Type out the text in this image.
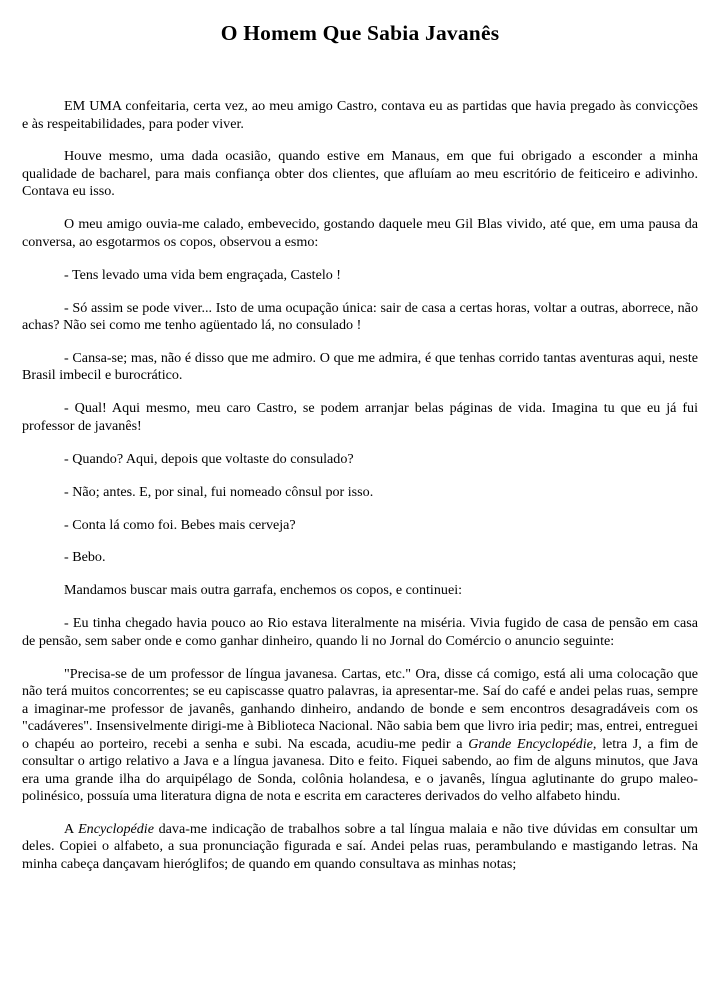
O Homem Que Sabia Javanês

EM UMA confeitaria, certa vez, ao meu amigo Castro, contava eu as partidas que havia pregado às convicções e às respeitabilidades, para poder viver.

Houve mesmo, uma dada ocasião, quando estive em Manaus, em que fui obrigado a esconder a minha qualidade de bacharel, para mais confiança obter dos clientes, que afluíam ao meu escritório de feiticeiro e adivinho. Contava eu isso.

O meu amigo ouvia-me calado, embevecido, gostando daquele meu Gil Blas vivido, até que, em uma pausa da conversa, ao esgotarmos os copos, observou a esmo:

- Tens levado uma vida bem engraçada, Castelo !

- Só assim se pode viver... Isto de uma ocupação única: sair de casa a certas horas, voltar a outras, aborrece, não achas? Não sei como me tenho agüentado lá, no consulado !

- Cansa-se; mas, não é disso que me admiro. O que me admira, é que tenhas corrido tantas aventuras aqui, neste Brasil imbecil e burocrático.

- Qual! Aqui mesmo, meu caro Castro, se podem arranjar belas páginas de vida. Imagina tu que eu já fui professor de javanês!

- Quando? Aqui, depois que voltaste do consulado?

- Não; antes. E, por sinal, fui nomeado cônsul por isso.

- Conta lá como foi. Bebes mais cerveja?

- Bebo.

Mandamos buscar mais outra garrafa, enchemos os copos, e continuei:

- Eu tinha chegado havia pouco ao Rio estava literalmente na miséria. Vivia fugido de casa de pensão em casa de pensão, sem saber onde e como ganhar dinheiro, quando li no Jornal do Comércio o anuncio seguinte:

"Precisa-se de um professor de língua javanesa. Cartas, etc." Ora, disse cá comigo, está ali uma colocação que não terá muitos concorrentes; se eu capiscasse quatro palavras, ia apresentar-me. Saí do café e andei pelas ruas, sempre a imaginar-me professor de javanês, ganhando dinheiro, andando de bonde e sem encontros desagradáveis com os "cadáveres". Insensivelmente dirigi-me à Biblioteca Nacional. Não sabia bem que livro iria pedir; mas, entrei, entreguei o chapéu ao porteiro, recebi a senha e subi. Na escada, acudiu-me pedir a Grande Encyclopédie, letra J, a fim de consultar o artigo relativo a Java e a língua javanesa. Dito e feito. Fiquei sabendo, ao fim de alguns minutos, que Java era uma grande ilha do arquipélago de Sonda, colônia holandesa, e o javanês, língua aglutinante do grupo maleo-polinésico, possuía uma literatura digna de nota e escrita em caracteres derivados do velho alfabeto hindu.

A Encyclopédie dava-me indicação de trabalhos sobre a tal língua malaia e não tive dúvidas em consultar um deles. Copiei o alfabeto, a sua pronunciação figurada e saí. Andei pelas ruas, perambulando e mastigando letras. Na minha cabeça dançavam hieróglifos; de quando em quando consultava as minhas notas;
